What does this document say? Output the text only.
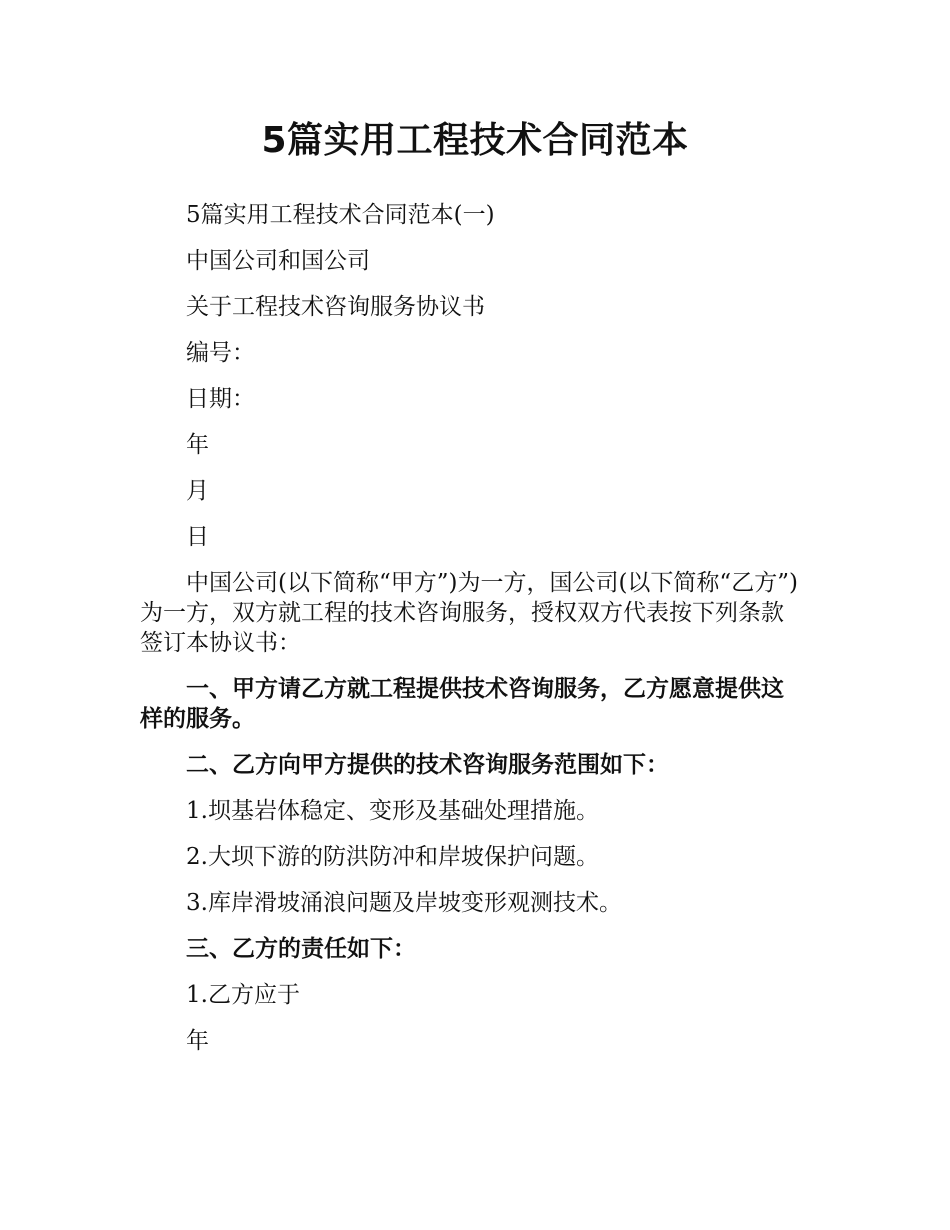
5篇实用工程技术合同范本

5篇实用工程技术合同范本(一)

中国公司和国公司

关于工程技术咨询服务协议书

编号：

日期：

年

月

日

中国公司(以下简称“甲方”)为一方，国公司(以下简称“乙方”)为一方，双方就工程的技术咨询服务，授权双方代表按下列条款签订本协议书：

一、甲方请乙方就工程提供技术咨询服务，乙方愿意提供这样的服务。

二、乙方向甲方提供的技术咨询服务范围如下：

1.坝基岩体稳定、变形及基础处理措施。

2.大坝下游的防洪防冲和岸坡保护问题。

3.库岸滑坡涌浪问题及岸坡变形观测技术。

三、乙方的责任如下：

1.乙方应于

年
